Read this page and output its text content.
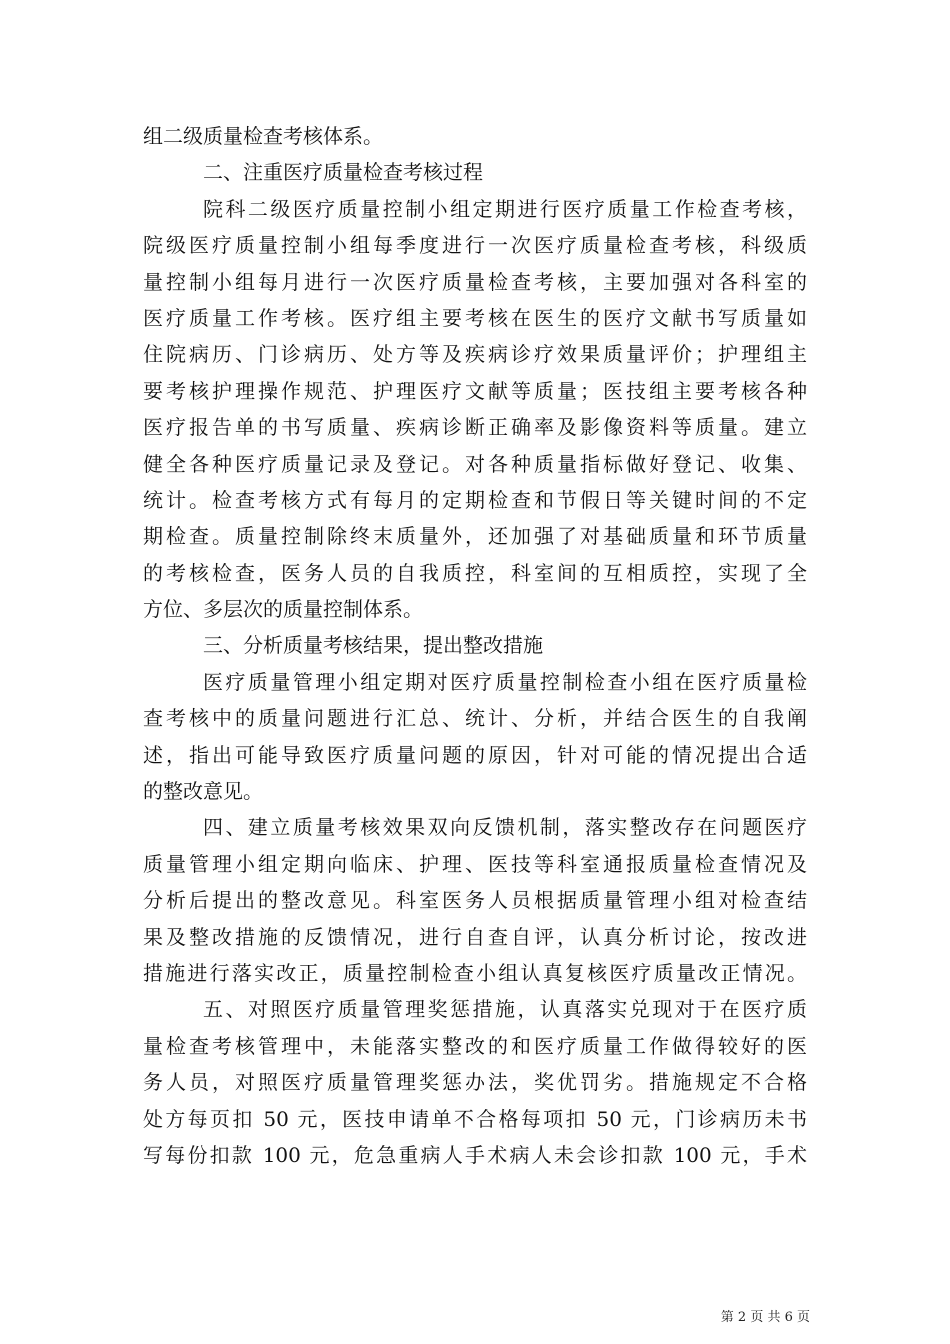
组二级质量检查考核体系。
二、注重医疗质量检查考核过程
院科二级医疗质量控制小组定期进行医疗质量工作检查考核，
院级医疗质量控制小组每季度进行一次医疗质量检查考核，科级质
量控制小组每月进行一次医疗质量检查考核，主要加强对各科室的
医疗质量工作考核。医疗组主要考核在医生的医疗文献书写质量如
住院病历、门诊病历、处方等及疾病诊疗效果质量评价；护理组主
要考核护理操作规范、护理医疗文献等质量；医技组主要考核各种
医疗报告单的书写质量、疾病诊断正确率及影像资料等质量。建立
健全各种医疗质量记录及登记。对各种质量指标做好登记、收集、
统计。检查考核方式有每月的定期检查和节假日等关键时间的不定
期检查。质量控制除终末质量外，还加强了对基础质量和环节质量
的考核检查，医务人员的自我质控，科室间的互相质控，实现了全
方位、多层次的质量控制体系。
三、分析质量考核结果，提出整改措施
医疗质量管理小组定期对医疗质量控制检查小组在医疗质量检
查考核中的质量问题进行汇总、统计、分析，并结合医生的自我阐
述，指出可能导致医疗质量问题的原因，针对可能的情况提出合适
的整改意见。
四、建立质量考核效果双向反馈机制，落实整改存在问题医疗
质量管理小组定期向临床、护理、医技等科室通报质量检查情况及
分析后提出的整改意见。科室医务人员根据质量管理小组对检查结
果及整改措施的反馈情况，进行自查自评，认真分析讨论，按改进
措施进行落实改正，质量控制检查小组认真复核医疗质量改正情况。
五、对照医疗质量管理奖惩措施，认真落实兑现对于在医疗质
量检查考核管理中，未能落实整改的和医疗质量工作做得较好的医
务人员，对照医疗质量管理奖惩办法，奖优罚劣。措施规定不合格
处方每页扣 50 元，医技申请单不合格每项扣 50 元，门诊病历未书
写每份扣款 100 元，危急重病人手术病人未会诊扣款 100 元，手术
第 2 页 共 6 页
